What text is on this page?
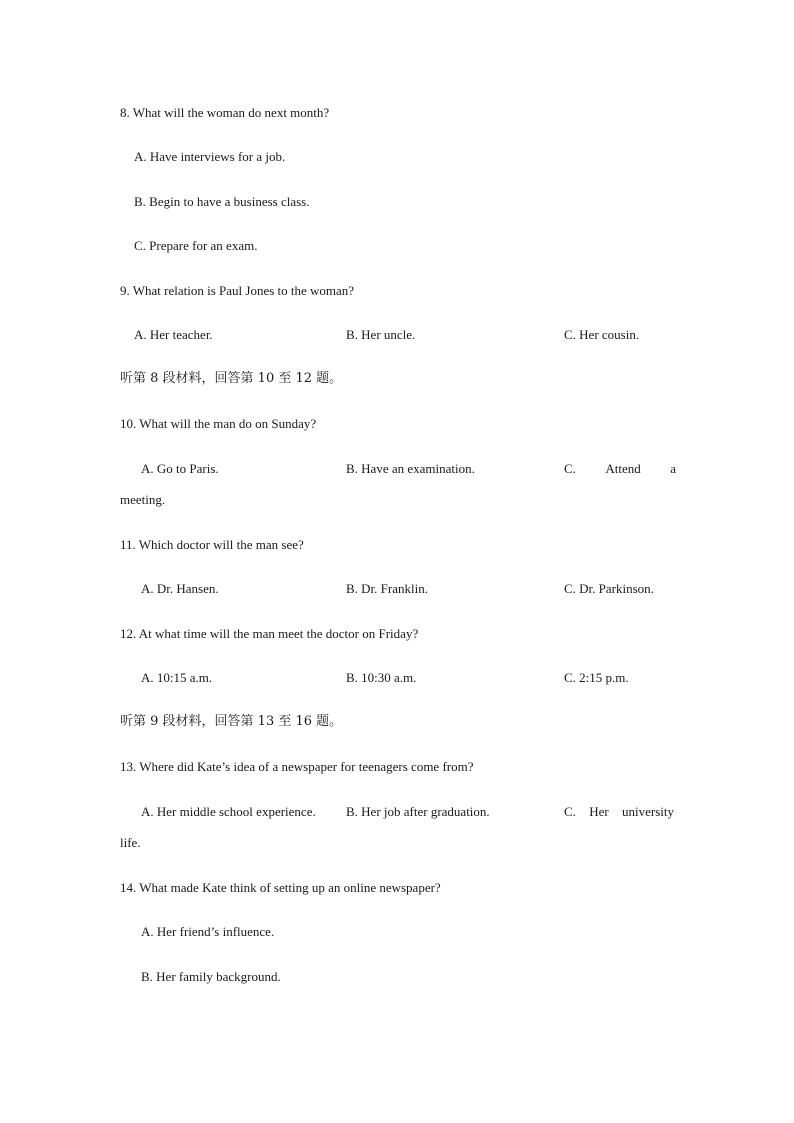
8. What will the woman do next month?
A. Have interviews for a job.
B. Begin to have a business class.
C. Prepare for an exam.
9. What relation is Paul Jones to the woman?
A. Her teacher.	B. Her uncle.	C. Her cousin.
听第 8 段材料，回答第 10 至 12 题。
10. What will the man do on Sunday?
A. Go to Paris.	B. Have an examination.	C. Attend a
meeting.
11. Which doctor will the man see?
A. Dr. Hansen.	B. Dr. Franklin.	C. Dr. Parkinson.
12. At what time will the man meet the doctor on Friday?
A. 10:15 a.m.	B. 10:30 a.m.	C. 2:15 p.m.
听第 9 段材料，回答第 13 至 16 题。
13. Where did Kate’s idea of a newspaper for teenagers come from?
A. Her middle school experience. B. Her job after graduation.	C. Her university
life.
14. What made Kate think of setting up an online newspaper?
A. Her friend’s influence.
B. Her family background.
